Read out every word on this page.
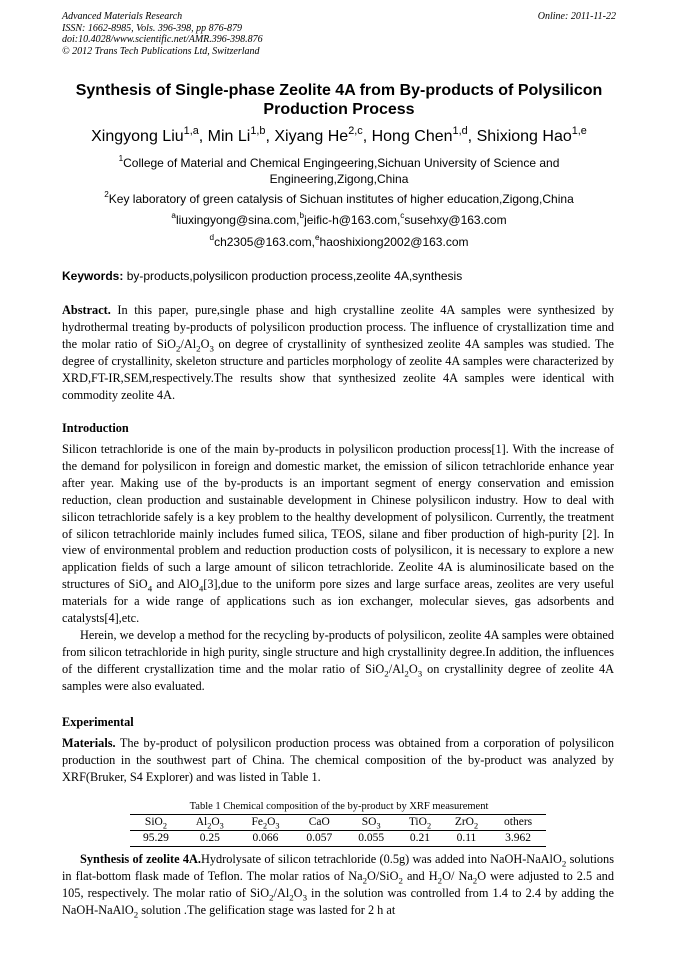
Advanced Materials Research
ISSN: 1662-8985, Vols. 396-398, pp 876-879
doi:10.4028/www.scientific.net/AMR.396-398.876
© 2012 Trans Tech Publications Ltd, Switzerland
Online: 2011-11-22
Synthesis of Single-phase Zeolite 4A from By-products of Polysilicon Production Process
Xingyong Liu$^{1,a}$, Min Li$^{1,b}$, Xiyang He$^{2,c}$, Hong Chen$^{1,d}$, Shixiong Hao$^{1,e}$
$^1$College of Material and Chemical Engingeering,Sichuan University of Science and Engineering,Zigong,China
$^2$Key laboratory of green catalysis of Sichuan institutes of higher education,Zigong,China
$^a$liuxingyong@sina.com,$^b$jeific-h@163.com,$^c$susehxy@163.com
$^d$ch2305@163.com,$^e$haoshixiong2002@163.com
Keywords: by-products,polysilicon production process,zeolite 4A,synthesis
Abstract. In this paper, pure,single phase and high crystalline zeolite 4A samples were synthesized by hydrothermal treating by-products of polysilicon production process. The influence of crystallization time and the molar ratio of $SiO_2/Al_2O_3$ on degree of crystallinity of synthesized zeolite 4A samples was studied. The degree of crystallinity, skeleton structure and particles morphology of zeolite 4A samples were characterized by XRD,FT-IR,SEM,respectively.The results show that synthesized zeolite 4A samples were identical with commodity zeolite 4A.
Introduction
Silicon tetrachloride is one of the main by-products in polysilicon production process[1]. With the increase of the demand for polysilicon in foreign and domestic market, the emission of silicon tetrachloride enhance year after year. Making use of the by-products is an important segment of energy conservation and emission reduction, clean production and sustainable development in Chinese polysilicon industry. How to deal with silicon tetrachloride safely is a key problem to the healthy development of polysilicon. Currently, the treatment of silicon tetrachloride mainly includes fumed silica, TEOS, silane and fiber production of high-purity [2]. In view of environmental problem and reduction production costs of polysilicon, it is necessary to explore a new application fields of such a large amount of silicon tetrachloride. Zeolite 4A is aluminosilicate based on the structures of SiO$_4$ and AlO$_4$[3],due to the uniform pore sizes and large surface areas, zeolites are very useful materials for a wide range of applications such as ion exchanger, molecular sieves, gas adsorbents and catalysts[4],etc.
Herein, we develop a method for the recycling by-products of polysilicon, zeolite 4A samples were obtained from silicon tetrachloride in high purity, single structure and high crystallinity degree.In addition, the influences of the different crystallization time and the molar ratio of $SiO_2/Al_2O_3$ on crystallinity degree of zeolite 4A samples were also evaluated.
Experimental
Materials. The by-product of polysilicon production process was obtained from a corporation of polysilicon production in the southwest part of China. The chemical composition of the by-product was analyzed by XRF(Bruker, S4 Explorer) and was listed in Table 1.
Table 1 Chemical composition of the by-product by XRF measurement
SiO$_2$	$Al_2O_3$	$Fe_2O_3$	CaO	$SO_3$	TiO$_2$	ZrO$_2$	others
95.29	0.25	0.066	0.057	0.055	0.21	0.11	3.962
Synthesis of zeolite 4A.Hydrolysate of silicon tetrachloride (0.5g) was added into NaOH-NaAlO$_2$ solutions in flat-bottom flask made of Teflon. The molar ratios of $Na_2O/SiO_2$ and $H_2O/$ $Na_2O$ were adjusted to 2.5 and 105, respectively. The molar ratio of $SiO_2/Al_2O_3$ in the solution was controlled from 1.4 to 2.4 by adding the NaOH-NaAlO$_2$ solution .The gelification stage was lasted for 2 h at
